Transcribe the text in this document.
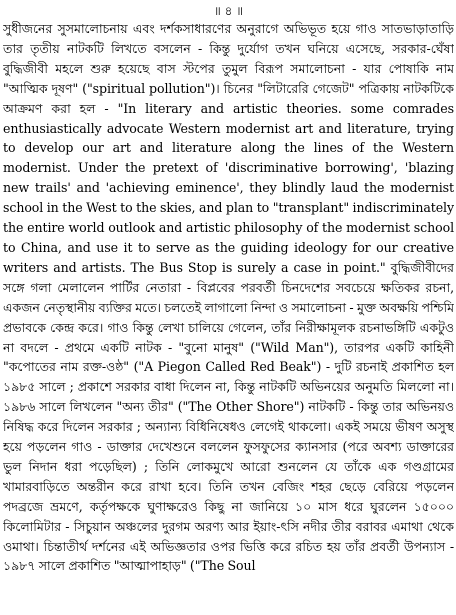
॥ ৪ ॥

সুধীজনের সুসমালোচনায় এবং দর্শকসাধারণের অনুরাগে অভিভূত হয়ে গাও সাতভাড়াতাড়ি তার তৃতীয় নাটকটি লিখতে বসলেন - কিন্তু দুর্যোগ তখন ঘনিয়ে এসেছে, সরকার-ঘেঁষা বুদ্ধিজীবী মহলে শুরু হয়েছে বাস স্টপের তুমুল বিরূপ সমালোচনা - যার পোষাকি নাম "আত্মিক দূষণ" ("spiritual pollution")। চিনের "লিটারেরি গেজেট" পত্রিকায় নাটকটিকে আক্রমণ করা হল - "In literary and artistic theories. some comrades enthusiastically advocate Western modernist art and literature, trying to develop our art and literature along the lines of the Western modernist. Under the pretext of 'discriminative borrowing', 'blazing new trails' and 'achieving eminence', they blindly laud the modernist school in the West to the skies, and plan to "transplant" indiscriminately the entire world outlook and artistic philosophy of the modernist school to China, and use it to serve as the guiding ideology for our creative writers and artists. The Bus Stop is surely a case in point." বুদ্ধিজীবীদের সঙ্গে গলা মেলালেন পার্টির নেতারা - বিপ্লবের পরবর্তী চিনদেশের সবচেয়ে ক্ষতিকর রচনা, একজন নেতৃস্থানীয় ব্যক্তির মতে। চলতেই লাগালো নিন্দা ও সমালোচনা - মুক্ত অবক্ষয়ি পশ্চিমি প্রভাবকে কেন্দ্র করে। গাও কিন্তু লেখা চালিয়ে গেলেন, তাঁর নিরীক্ষামূলক রচনাভঙ্গিটি একটুও না বদলে - প্রথমে একটি নাটক - "বুনো মানুষ" ("Wild Man"), তারপর একটি কাহিনী "কপোতের নাম রক্ত-ওষ্ঠ" ("A Piegon Called Red Beak") - দুটি রচনাই প্রকাশিত হল ১৯৮৫ সালে ; প্রকাশে সরকার বাধা দিলেন না, কিন্তু নাটকটি অভিনয়ের অনুমতি মিললো না। ১৯৮৬ সালে লিখলেন "অন্য তীর" ("The Other Shore") নাটকটি - কিন্তু তার অভিনয়ও নিষিদ্ধ করে দিলেন সরকার ; অন্যান্য বিধিনিষেধও লেগেই থাকলো। একই সময়ে ভীষণ অসুস্থ হয়ে পড়লেন গাও - ডাক্তার দেখেশুনে বললেন ফুসফুসের ক্যানসার (পরে অবশ্য ডাক্তারের ভুল নিদান ধরা পড়েছিল) ; তিনি লোকমুখে আরো শুনলেন যে তাঁকে এক গণ্ডগ্রামের খামারবাড়িতে অন্তরীন করে রাখা হবে। তিনি তখন বেজিং শহর ছেড়ে বেরিয়ে পড়লেন পদব্রজে ভ্রমণে, কর্তৃপক্ষকে ঘুণাক্ষরেও কিছু না জানিয়ে ১০ মাস ধরে ঘুরলেন ১৫০০০ কিলোমিটার - সিচুয়ান অঞ্চলের দুরগম অরণ্য আর ইয়াং-ৎসি নদীর তীর বরাবর এমাথা থেকে ওমাথা। চিন্তাতীর্থ দর্শনের এই অভিজ্ঞতার ওপর ভিত্তি করে রচিত হয় তাঁর প্রবর্তী উপন্যাস - ১৯৮৭ সালে প্রকাশিত "আত্মাপাহাড়" ("The Soul
